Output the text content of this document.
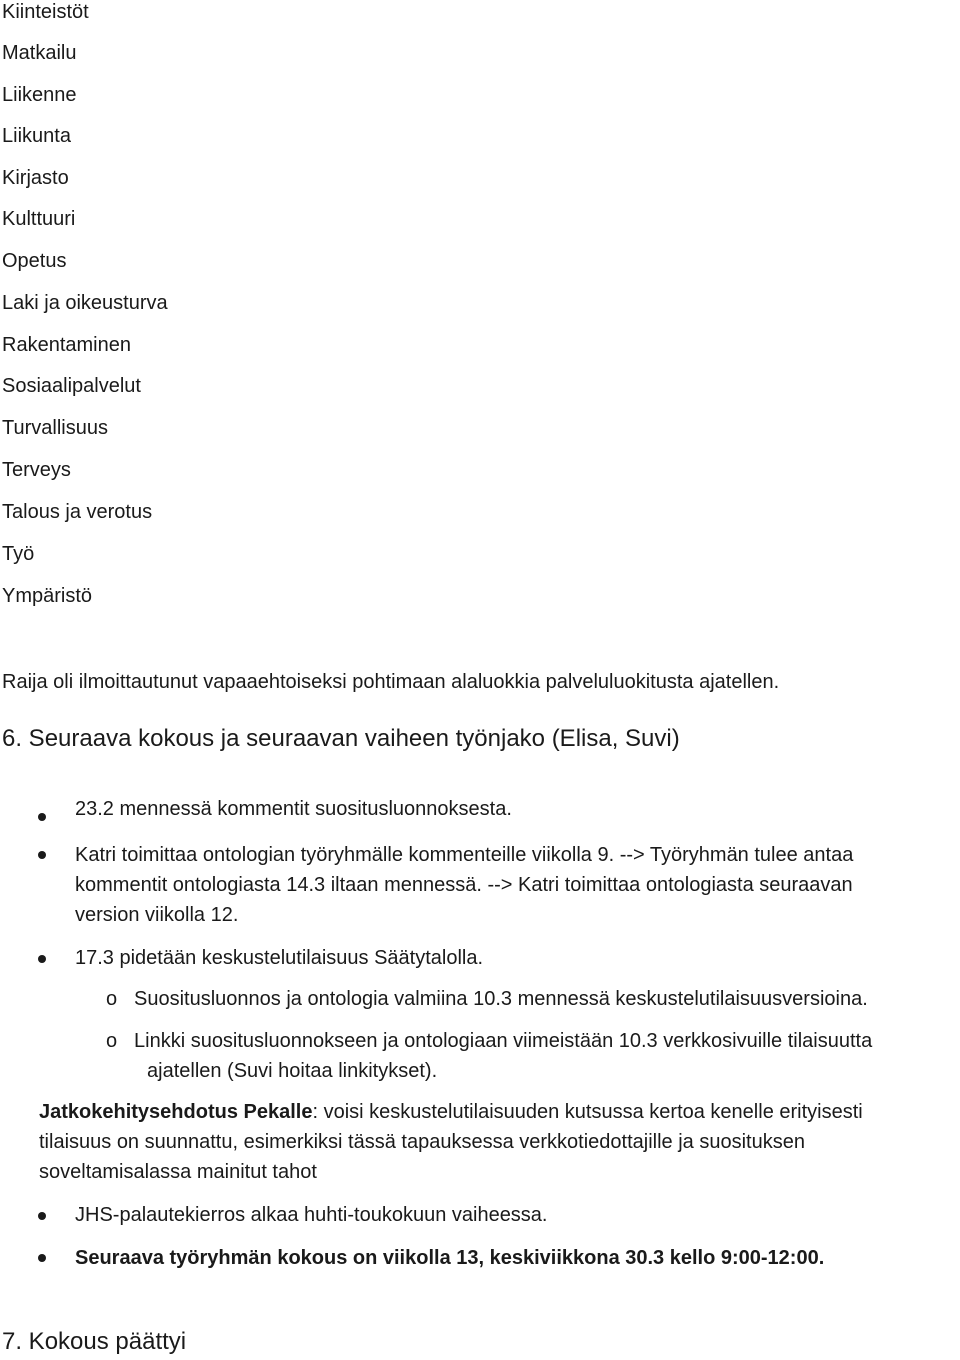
Kiinteistöt
Matkailu
Liikenne
Liikunta
Kirjasto
Kulttuuri
Opetus
Laki ja oikeusturva
Rakentaminen
Sosiaalipalvelut
Turvallisuus
Terveys
Talous ja verotus
Työ
Ympäristö
Raija oli ilmoittautunut vapaaehtoiseksi pohtimaan alaluokkia palveluluokitusta ajatellen.
6. Seuraava kokous ja seuraavan vaiheen työnjako (Elisa, Suvi)
23.2 mennessä kommentit suositusluonnoksesta.
Katri toimittaa ontologian työryhmälle kommenteille viikolla 9. --> Työryhmän tulee antaa
kommentit ontologiasta 14.3 iltaan mennessä. --> Katri toimittaa ontologiasta seuraavan
version viikolla 12.
17.3 pidetään keskustelutilaisuus Säätytalolla.
o Suositusluonnos ja ontologia valmiina 10.3 mennessä keskustelutilaisuusversioina.
o Linkki suositusluonnokseen ja ontologiaan viimeistään 10.3 verkkosivuille tilaisuutta
ajatellen (Suvi hoitaa linkitykset).
Jatkokehitysehdotus Pekalle: voisi keskustelutilaisuuden kutsussa kertoa kenelle erityisesti
tilaisuus on suunnattu, esimerkiksi tässä tapauksessa verkkotiedottajille ja suosituksen
soveltamisalassa mainitut tahot
JHS-palautekierros alkaa huhti-toukokuun vaiheessa.
Seuraava työryhmän kokous on viikolla 13, keskiviikkona 30.3 kello 9:00-12:00.
7. Kokous päättyi
